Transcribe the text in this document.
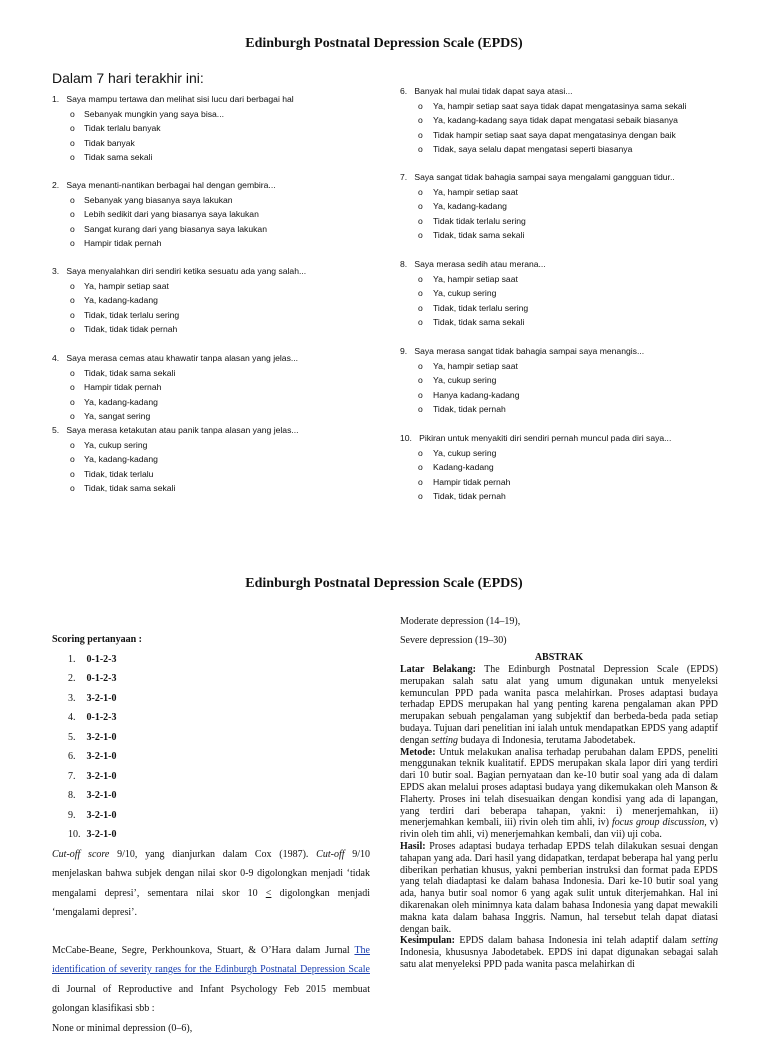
Edinburgh Postnatal Depression Scale (EPDS)
Dalam 7 hari terakhir ini:
1. Saya mampu tertawa dan melihat sisi lucu dari berbagai hal
o Sebanyak mungkin yang saya bisa...
o Tidak terlalu banyak
o Tidak banyak
o Tidak sama sekali
2. Saya menanti-nantikan berbagai hal dengan gembira...
o Sebanyak yang biasanya saya lakukan
o Lebih sedikit dari yang biasanya saya lakukan
o Sangat kurang dari yang biasanya saya lakukan
o Hampir tidak pernah
3. Saya menyalahkan diri sendiri ketika sesuatu ada yang salah...
o Ya, hampir setiap saat
o Ya, kadang-kadang
o Tidak, tidak terlalu sering
o Tidak, tidak tidak pernah
4. Saya merasa cemas atau khawatir tanpa alasan yang jelas...
o Tidak, tidak sama sekali
o Hampir tidak pernah
o Ya, kadang-kadang
o Ya, sangat sering
5. Saya merasa ketakutan atau panik tanpa alasan yang jelas...
o Ya, cukup sering
o Ya, kadang-kadang
o Tidak, tidak terlalu
o Tidak, tidak sama sekali
6. Banyak hal mulai tidak dapat saya atasi...
o Ya, hampir setiap saat saya tidak dapat mengatasinya sama sekali
o Ya, kadang-kadang saya tidak dapat mengatasi sebaik biasanya
o Tidak hampir setiap saat saya dapat mengatasinya dengan baik
o Tidak, saya selalu dapat mengatasi seperti biasanya
7. Saya sangat tidak bahagia sampai saya mengalami gangguan tidur..
o Ya, hampir setiap saat
o Ya, kadang-kadang
o Tidak tidak terlalu sering
o Tidak, tidak sama sekali
8. Saya merasa sedih atau merana...
o Ya, hampir setiap saat
o Ya, cukup sering
o Tidak, tidak terlalu sering
o Tidak, tidak sama sekali
9. Saya merasa sangat tidak bahagia sampai saya menangis...
o Ya, hampir setiap saat
o Ya, cukup sering
o Hanya kadang-kadang
o Tidak, tidak pernah
10. Pikiran untuk menyakiti diri sendiri pernah muncul pada diri saya...
o Ya, cukup sering
o Kadang-kadang
o Hampir tidak pernah
o Tidak, tidak pernah
Edinburgh Postnatal Depression Scale (EPDS)
Scoring pertanyaan :
1. 0-1-2-3
2. 0-1-2-3
3. 3-2-1-0
4. 0-1-2-3
5. 3-2-1-0
6. 3-2-1-0
7. 3-2-1-0
8. 3-2-1-0
9. 3-2-1-0
10. 3-2-1-0

Cut-off score 9/10, yang dianjurkan dalam Cox (1987). Cut-off 9/10 menjelaskan bahwa subjek dengan nilai skor 0-9 digolongkan menjadi ‘tidak mengalami depresi’, sementara nilai skor 10 < digolongkan menjadi ‘mengalami depresi’.

McCabe-Beane, Segre, Perkhounkova, Stuart, & O’Hara dalam Jurnal The identification of severity ranges for the Edinburgh Postnatal Depression Scale di Journal of Reproductive and Infant Psychology Feb 2015 membuat golongan klasifikasi sbb :

None or minimal depression (0–6),
Moderate depression (14–19),
Severe depression (19–30)
ABSTRAK

Latar Belakang: The Edinburgh Postnatal Depression Scale (EPDS) merupakan salah satu alat yang umum digunakan untuk menyeleksi kemunculan PPD pada wanita pasca melahirkan. Proses adaptasi budaya terhadap EPDS merupakan hal yang penting karena pengalaman akan PPD merupakan sebuah pengalaman yang subjektif dan berbeda-beda pada setiap budaya. Tujuan dari penelitian ini ialah untuk mendapatkan EPDS yang adaptif dengan setting budaya di Indonesia, terutama Jabodetabek.

Metode: Untuk melakukan analisa terhadap perubahan dalam EPDS, peneliti menggunakan teknik kualitatif. EPDS merupakan skala lapor diri yang terdiri dari 10 butir soal. Bagian pernyataan dan ke-10 butir soal yang ada di dalam EPDS akan melalui proses adaptasi budaya yang dikemukakan oleh Manson & Flaherty. Proses ini telah disesuaikan dengan kondisi yang ada di lapangan, yang terdiri dari beberapa tahapan, yakni: i) menerjemahkan, ii) menerjemahkan kembali, iii) rivin oleh tim ahli, iv) focus group discussion, v) rivin oleh tim ahli, vi) menerjemahkan kembali, dan vii) uji coba.

Hasil: Proses adaptasi budaya terhadap EPDS telah dilakukan sesuai dengan tahapan yang ada. Dari hasil yang didapatkan, terdapat beberapa hal yang perlu diberikan perhatian khusus, yakni pemberian instruksi dan format pada EPDS yang telah diadaptasi ke dalam bahasa Indonesia. Dari ke-10 butir soal yang ada, hanya butir soal nomor 6 yang agak sulit untuk diterjemahkan. Hal ini dikarenakan oleh minimnya kata dalam bahasa Indonesia yang dapat mewakili makna kata dalam bahasa Inggris. Namun, hal tersebut telah dapat diatasi dengan baik.

Kesimpulan: EPDS dalam bahasa Indonesia ini telah adaptif dalam setting Indonesia, khususnya Jabodetabek. EPDS ini dapat digunakan sebagai salah satu alat menyeleksi PPD pada wanita pasca melahirkan di
